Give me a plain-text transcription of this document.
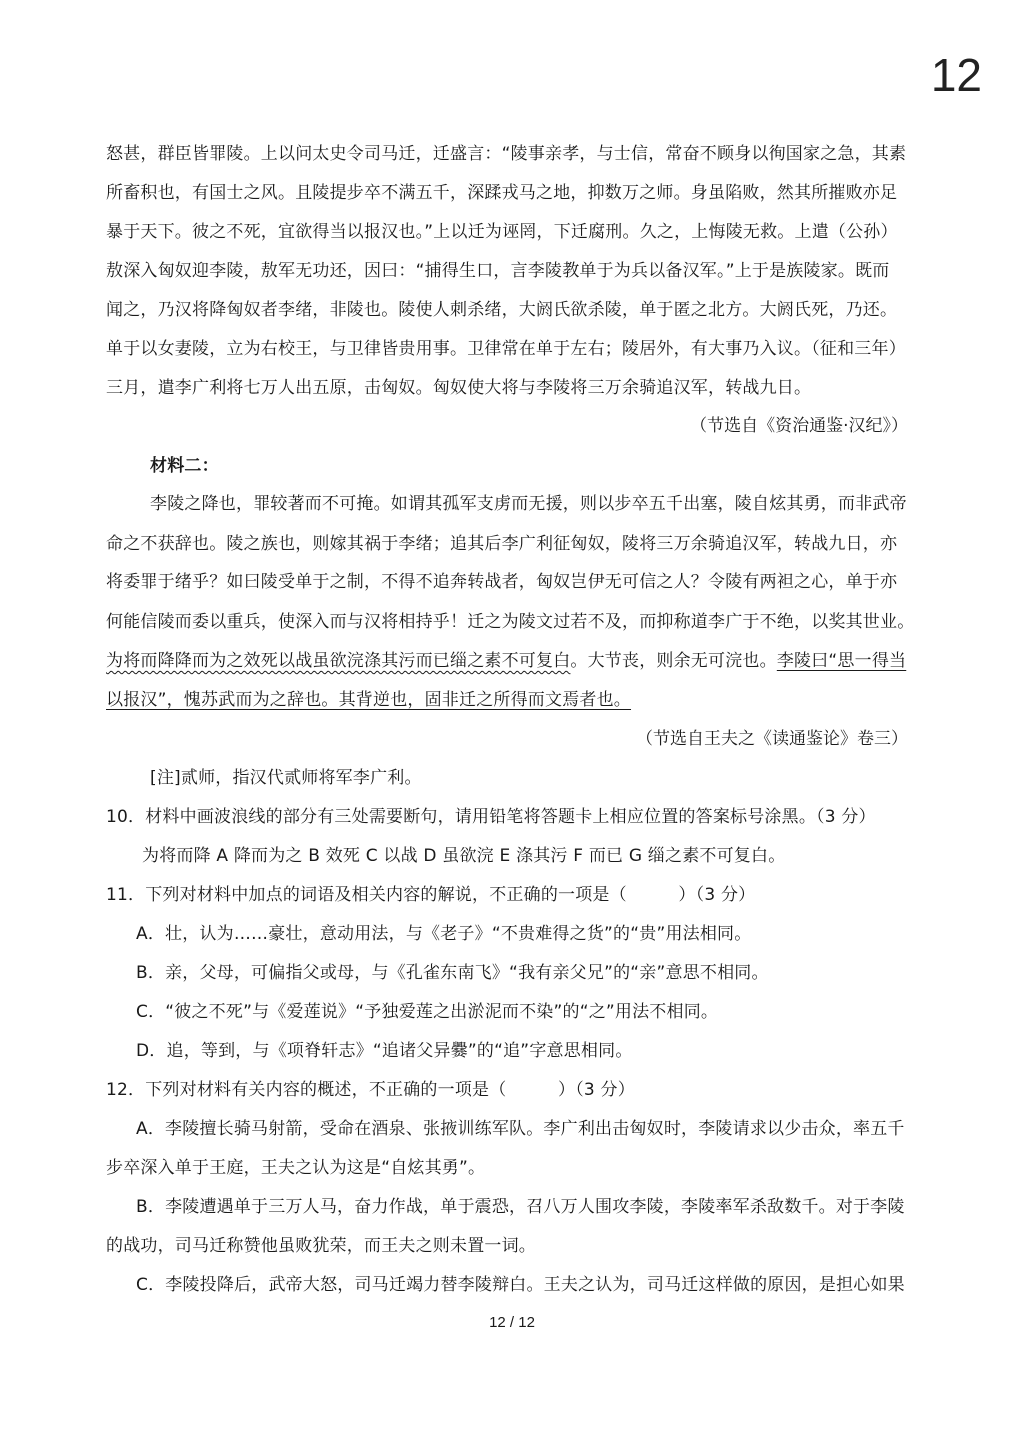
12
怒甚，群臣皆罪陵。上以问太史令司马迁，迁盛言：“陵事亲孝，与士信，常奋不顾身以徇国家之急，其素
所畜积也，有国士之风。且陵提步卒不满五千，深蹂戎马之地，抑数万之师。身虽陷败，然其所摧败亦足
暴于天下。彼之不死，宜欲得当以报汉也。”上以迁为诬罔，下迁腐刑。久之，上悔陵无救。上遣（公孙）
敖深入匈奴迎李陵，敖军无功还，因曰：“捕得生口，言李陵教单于为兵以备汉军。”上于是族陵家。既而
闻之，乃汉将降匈奴者李绪，非陵也。陵使人刺杀绪，大阏氏欲杀陵，单于匿之北方。大阏氏死，乃还。
单于以女妻陵，立为右校王，与卫律皆贵用事。卫律常在单于左右；陵居外，有大事乃入议。（征和三年）
三月，遣李广利将七万人出五原，击匈奴。匈奴使大将与李陵将三万余骑追汉军，转战九日。
（节选自《资治通鉴·汉纪》）
材料二：
李陵之降也，罪较著而不可掩。如谓其孤军支虏而无援，则以步卒五千出塞，陵自炫其勇，而非武帝
命之不获辞也。陵之族也，则嫁其祸于李绪；追其后李广利征匈奴，陵将三万余骑追汉军，转战九日，亦
将委罪于绪乎？如曰陵受单于之制，不得不追奔转战者，匈奴岂伊无可信之人？令陵有两袒之心，单于亦
何能信陵而委以重兵，使深入而与汉将相持乎！迁之为陵文过若不及，而抑称道李广于不绝，以奖其世业。
为将而降降而为之效死以战虽欲浣涤其污而已缁之素不可复白。大节丧，则余无可浣也。李陵曰“思一得当
以报汉”，愧苏武而为之辞也。其背逆也，固非迁之所得而文焉者也。
（节选自王夫之《读通鉴论》卷三）
[注]贰师，指汉代贰师将军李广利。
10．材料中画波浪线的部分有三处需要断句，请用铅笔将答题卡上相应位置的答案标号涂黑。（3 分）
为将而降 A 降而为之 B 效死 C 以战 D 虽欲浣 E 涤其污 F 而已 G 缁之素不可复白。
11．下列对材料中加点的词语及相关内容的解说，不正确的一项是（　　　）（3 分）
A．壮，认为……豪壮，意动用法，与《老子》“不贵难得之货”的“贵”用法相同。
B．亲，父母，可偏指父或母，与《孔雀东南飞》“我有亲父兄”的“亲”意思不相同。
C．“彼之不死”与《爱莲说》“予独爱莲之出淤泥而不染”的“之”用法不相同。
D．追，等到，与《项脊轩志》“追诸父异爨”的“追”字意思相同。
12．下列对材料有关内容的概述，不正确的一项是（　　　）（3 分）
A．李陵擅长骑马射箭，受命在酒泉、张掖训练军队。李广利出击匈奴时，李陵请求以少击众，率五千
步卒深入单于王庭，王夫之认为这是“自炫其勇”。
B．李陵遭遇单于三万人马，奋力作战，单于震恐，召八万人围攻李陵，李陵率军杀敌数千。对于李陵
的战功，司马迁称赞他虽败犹荣，而王夫之则未置一词。
C．李陵投降后，武帝大怒，司马迁竭力替李陵辩白。王夫之认为，司马迁这样做的原因，是担心如果
12 / 12
